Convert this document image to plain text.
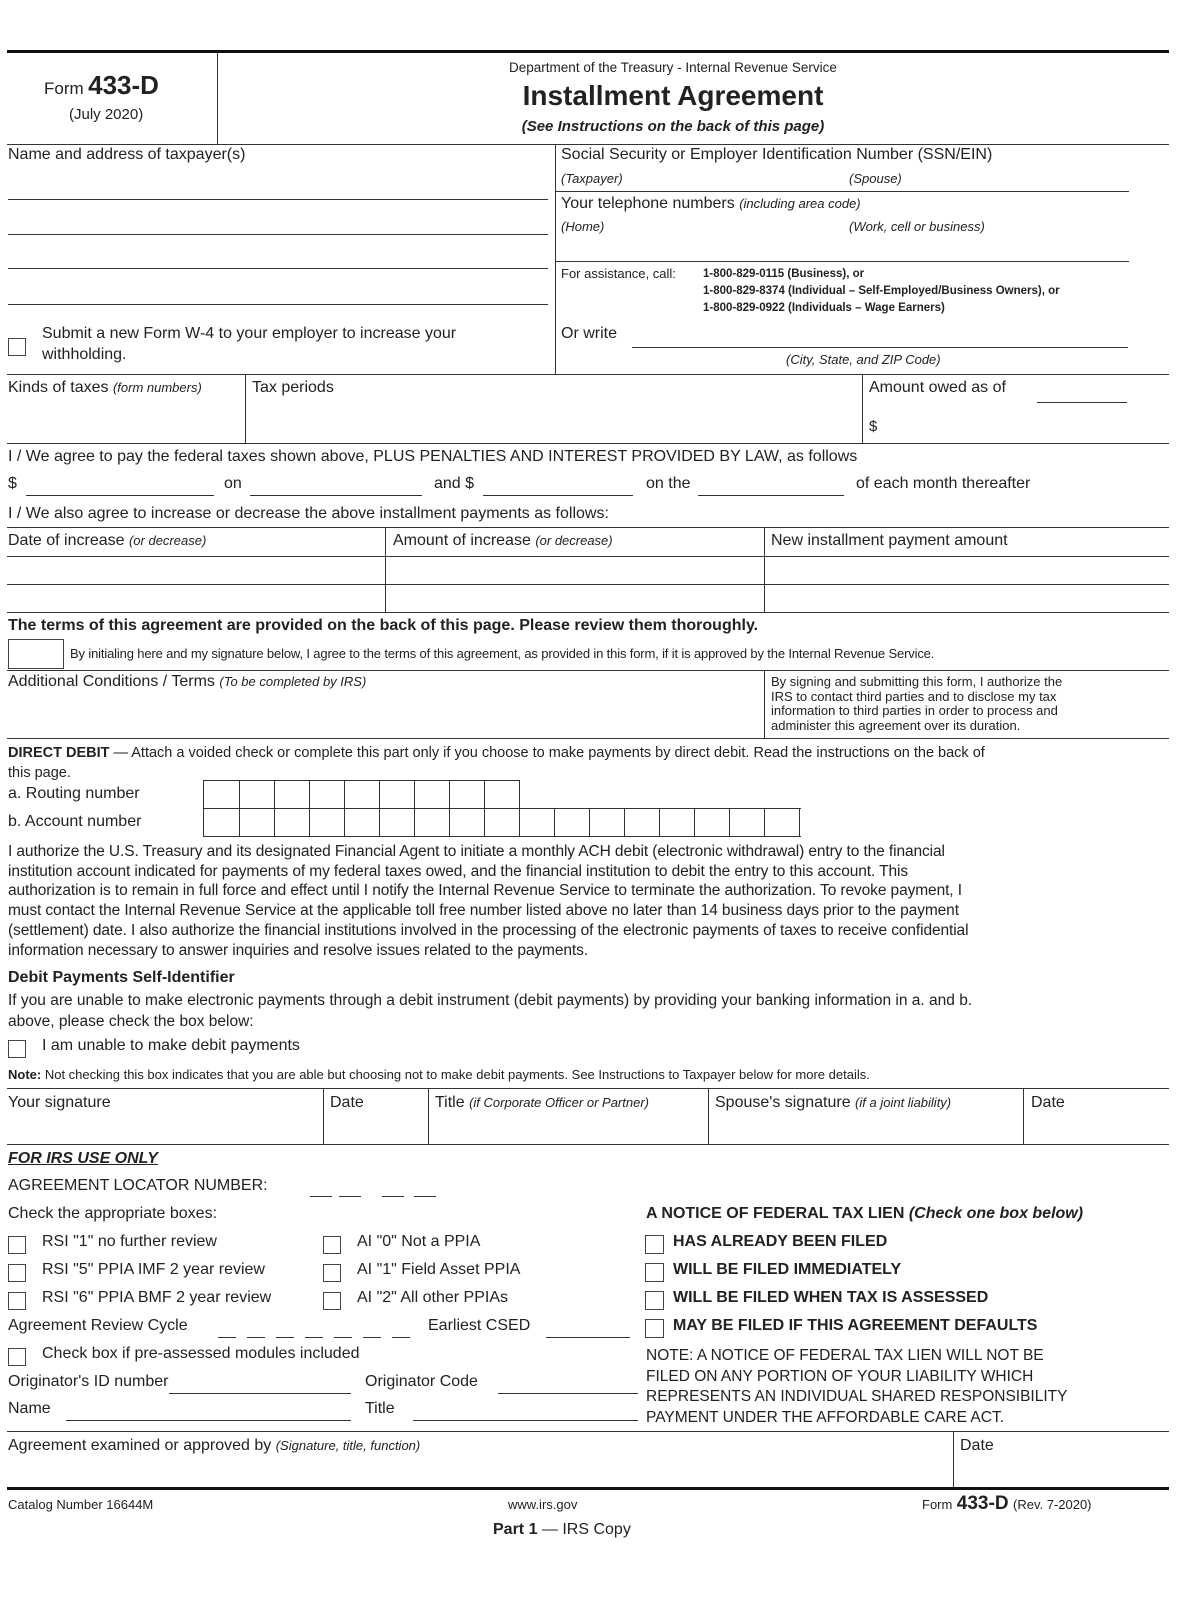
Form 433-D
(July 2020)
Department of the Treasury - Internal Revenue Service
Installment Agreement
(See Instructions on the back of this page)
Name and address of taxpayer(s)
Submit a new Form W-4 to your employer to increase your
withholding.
Social Security or Employer Identification Number (SSN/EIN)
(Taxpayer)	(Spouse)
Your telephone numbers (including area code)
(Home)	(Work, cell or business)
For assistance, call: 1-800-829-0115 (Business), or
1-800-829-8374 (Individual – Self-Employed/Business Owners), or
1-800-829-0922 (Individuals – Wage Earners)
Or write
(City, State, and ZIP Code)
Kinds of taxes (form numbers)	Tax periods	Amount owed as of
$
I / We agree to pay the federal taxes shown above, PLUS PENALTIES AND INTEREST PROVIDED BY LAW, as follows
$	on	and $	on the	of each month thereafter
I / We also agree to increase or decrease the above installment payments as follows:
Date of increase (or decrease)	Amount of increase (or decrease)	New installment payment amount
The terms of this agreement are provided on the back of this page. Please review them thoroughly.
By initialing here and my signature below, I agree to the terms of this agreement, as provided in this form, if it is approved by the Internal Revenue Service.
Additional Conditions / Terms (To be completed by IRS)	By signing and submitting this form, I authorize the
IRS to contact third parties and to disclose my tax
information to third parties in order to process and
administer this agreement over its duration.
DIRECT DEBIT — Attach a voided check or complete this part only if you choose to make payments by direct debit. Read the instructions on the back of
this page.
a. Routing number
b. Account number
I authorize the U.S. Treasury and its designated Financial Agent to initiate a monthly ACH debit (electronic withdrawal) entry to the financial
institution account indicated for payments of my federal taxes owed, and the financial institution to debit the entry to this account. This
authorization is to remain in full force and effect until I notify the Internal Revenue Service to terminate the authorization. To revoke payment, I
must contact the Internal Revenue Service at the applicable toll free number listed above no later than 14 business days prior to the payment
(settlement) date. I also authorize the financial institutions involved in the processing of the electronic payments of taxes to receive confidential
information necessary to answer inquiries and resolve issues related to the payments.
Debit Payments Self-Identifier
If you are unable to make electronic payments through a debit instrument (debit payments) by providing your banking information in a. and b.
above, please check the box below:
I am unable to make debit payments
Note: Not checking this box indicates that you are able but choosing not to make debit payments. See Instructions to Taxpayer below for more details.
Your signature	Date	Title (if Corporate Officer or Partner)	Spouse's signature (if a joint liability)	Date
FOR IRS USE ONLY
AGREEMENT LOCATOR NUMBER:
Check the appropriate boxes:
RSI "1" no further review
RSI "5" PPIA IMF 2 year review
RSI "6" PPIA BMF 2 year review
AI "0" Not a PPIA
AI "1" Field Asset PPIA
AI "2" All other PPIAs
Agreement Review Cycle	Earliest CSED
Check box if pre-assessed modules included
Originator's ID number	Originator Code
Name	Title
A NOTICE OF FEDERAL TAX LIEN (Check one box below)
HAS ALREADY BEEN FILED
WILL BE FILED IMMEDIATELY
WILL BE FILED WHEN TAX IS ASSESSED
MAY BE FILED IF THIS AGREEMENT DEFAULTS
NOTE: A NOTICE OF FEDERAL TAX LIEN WILL NOT BE
FILED ON ANY PORTION OF YOUR LIABILITY WHICH
REPRESENTS AN INDIVIDUAL SHARED RESPONSIBILITY
PAYMENT UNDER THE AFFORDABLE CARE ACT.
Agreement examined or approved by (Signature, title, function)	Date
Catalog Number 16644M	www.irs.gov	Form 433-D (Rev. 7-2020)
Part 1 — IRS Copy
